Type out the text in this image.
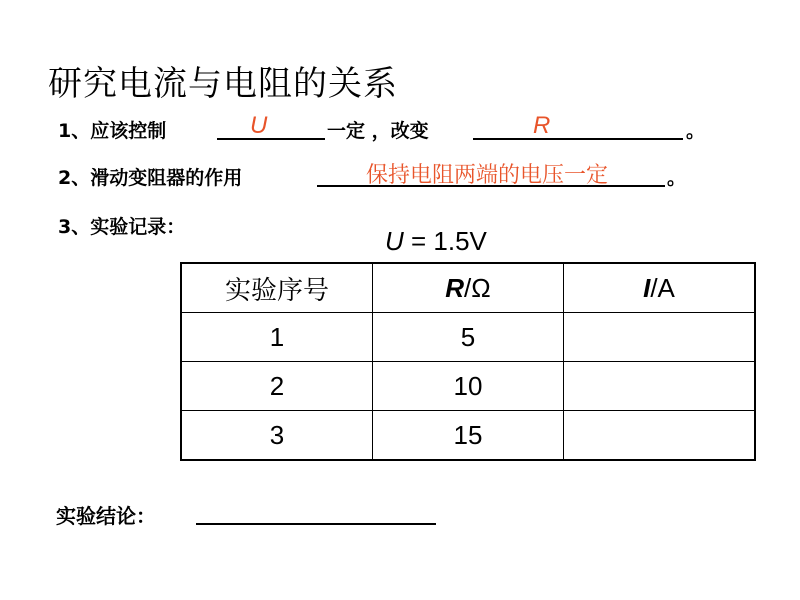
研究电流与电阻的关系
1、应该控制	U	一定 ，改变	R	。
2、滑动变阻器的作用	保持电阻两端的电压一定	。
3、实验记录：	U = 1.5V
实验序号	R/Ω	I/A
1	5	
2	10	
3	15	
实验结论：
